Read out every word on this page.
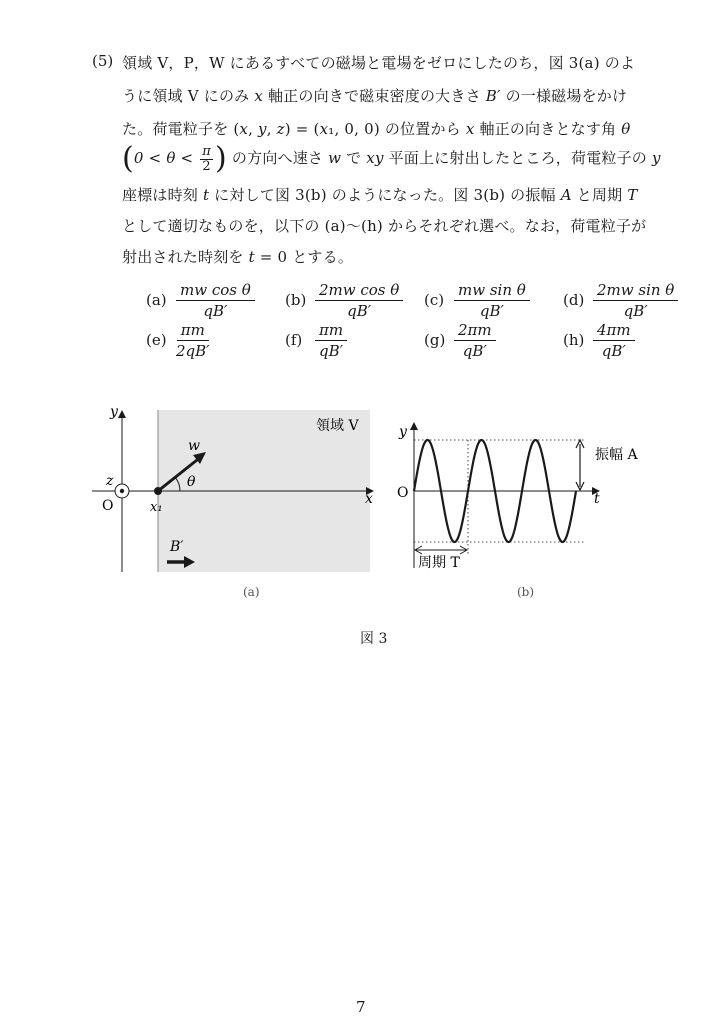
(5) 領域 V，P，W にあるすべての磁場と電場をゼロにしたのち，図 3(a) のよ
うに領域 V にのみ x 軸正の向きで磁束密度の大きさ B′ の一様磁場をかけ
た。荷電粒子を (x, y, z) = (x₁, 0, 0) の位置から x 軸正の向きとなす角 θ
($0 < \theta < \frac{\pi}{2}$ ) の方向へ速さ w で xy 平面上に射出したところ，荷電粒子の y
座標は時刻 t に対して図 3(b) のようになった。図 3(b) の振幅 A と周期 T
として適切なものを，以下の (a)〜(h) からそれぞれ選べ。なお，荷電粒子が
射出された時刻を t = 0 とする。
$(a) \frac{\text{mw cos θ}}{qB'} (b) \frac{\text{2mw cos θ}}{qB'} (c) \frac{\text{mw sin θ}}{qB'} (d) \frac{\text{2mw sin θ}}{qB'}$
$(e) \frac{\pi m}{2qB'}$	$(f) \frac{\pi m}{qB'}$	$(g) \frac{2\pi m}{qB'}$	$(h) \frac{4\pi m}{qB'}$
y
x
z
O	x₁
w
θ
B′
領域 V
(a)
y
t
O
振幅 A
周期 T
(b)
図 3
7
